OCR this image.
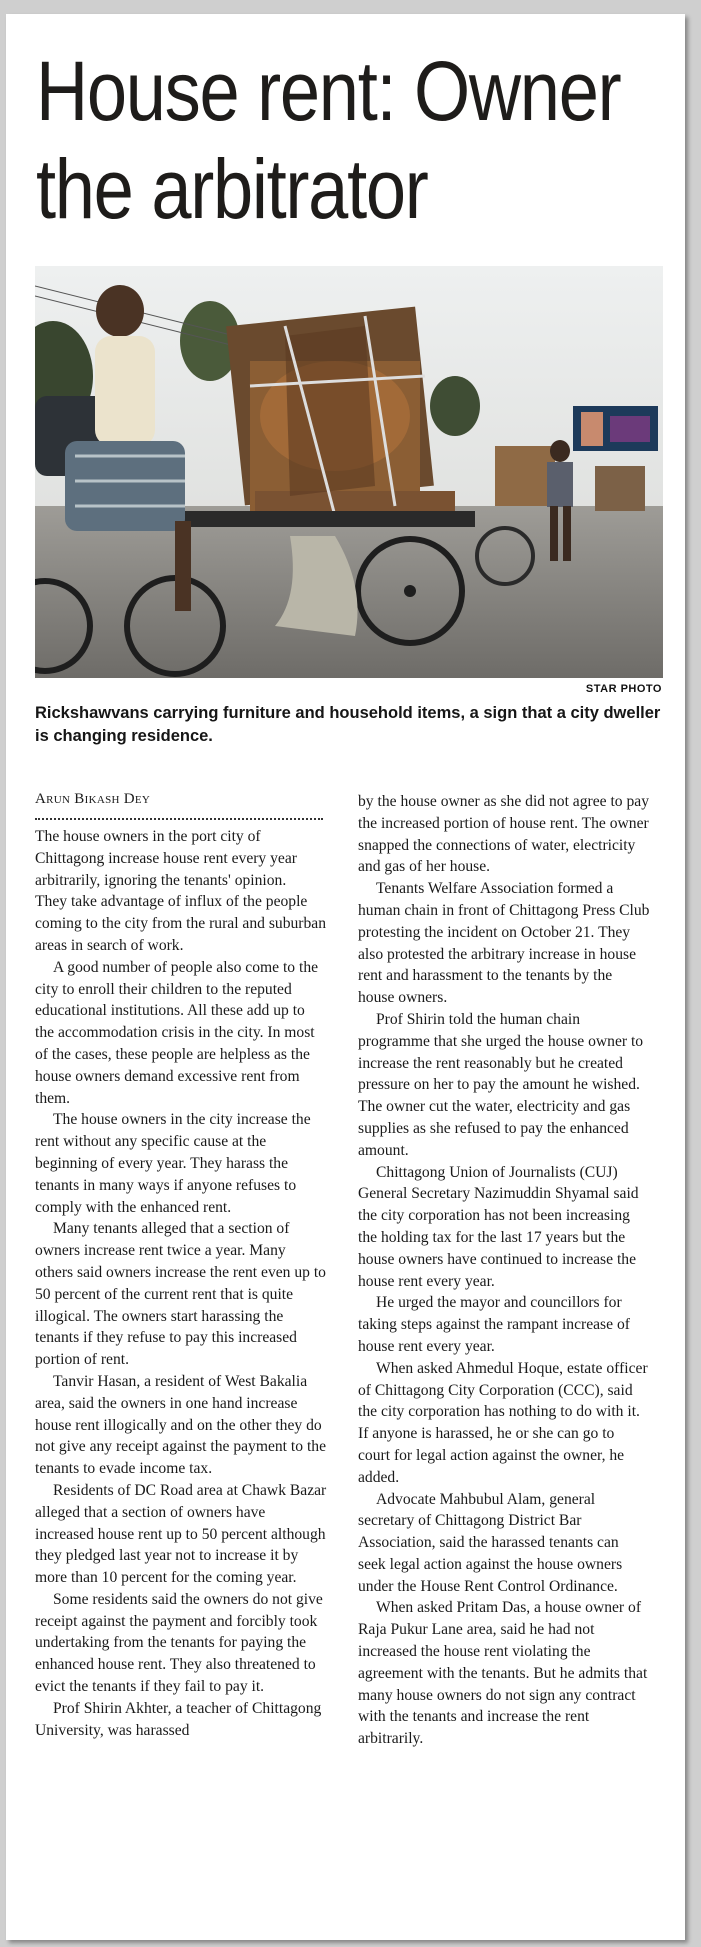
House rent: Owner
the arbitrator
STAR PHOTO
Rickshawvans carrying furniture and household items, a sign that a city dweller is changing residence.
Arun Bikash Dey

The house owners in the port city of Chittagong increase house rent every year arbitrarily, ignoring the tenants' opinion.

They take advantage of influx of the people coming to the city from the rural and suburban areas in search of work.

A good number of people also come to the city to enroll their children to the reputed educational institutions. All these add up to the accommodation crisis in the city. In most of the cases, these people are helpless as the house owners demand excessive rent from them.

The house owners in the city increase the rent without any specific cause at the beginning of every year. They harass the tenants in many ways if anyone refuses to comply with the enhanced rent.

Many tenants alleged that a section of owners increase rent twice a year. Many others said owners increase the rent even up to 50 percent of the current rent that is quite illogical. The owners start harassing the tenants if they refuse to pay this increased portion of rent.

Tanvir Hasan, a resident of West Bakalia area, said the owners in one hand increase house rent illogically and on the other they do not give any receipt against the payment to the tenants to evade income tax.

Residents of DC Road area at Chawk Bazar alleged that a section of owners have increased house rent up to 50 percent although they pledged last year not to increase it by more than 10 percent for the coming year.

Some residents said the owners do not give receipt against the payment and forcibly took undertaking from the tenants for paying the enhanced house rent. They also threatened to evict the tenants if they fail to pay it.

Prof Shirin Akhter, a teacher of Chittagong University, was harassed

by the house owner as she did not agree to pay the increased portion of house rent. The owner snapped the connections of water, electricity and gas of her house.

Tenants Welfare Association formed a human chain in front of Chittagong Press Club protesting the incident on October 21. They also protested the arbitrary increase in house rent and harassment to the tenants by the house owners.

Prof Shirin told the human chain programme that she urged the house owner to increase the rent reasonably but he created pressure on her to pay the amount he wished. The owner cut the water, electricity and gas supplies as she refused to pay the enhanced amount.

Chittagong Union of Journalists (CUJ) General Secretary Nazimuddin Shyamal said the city corporation has not been increasing the holding tax for the last 17 years but the house owners have continued to increase the house rent every year.

He urged the mayor and councillors for taking steps against the rampant increase of house rent every year.

When asked Ahmedul Hoque, estate officer of Chittagong City Corporation (CCC), said the city corporation has nothing to do with it. If anyone is harassed, he or she can go to court for legal action against the owner, he added.

Advocate Mahbubul Alam, general secretary of Chittagong District Bar Association, said the harassed tenants can seek legal action against the house owners under the House Rent Control Ordinance.

When asked Pritam Das, a house owner of Raja Pukur Lane area, said he had not increased the house rent violating the agreement with the tenants. But he admits that many house owners do not sign any contract with the tenants and increase the rent arbitrarily.
